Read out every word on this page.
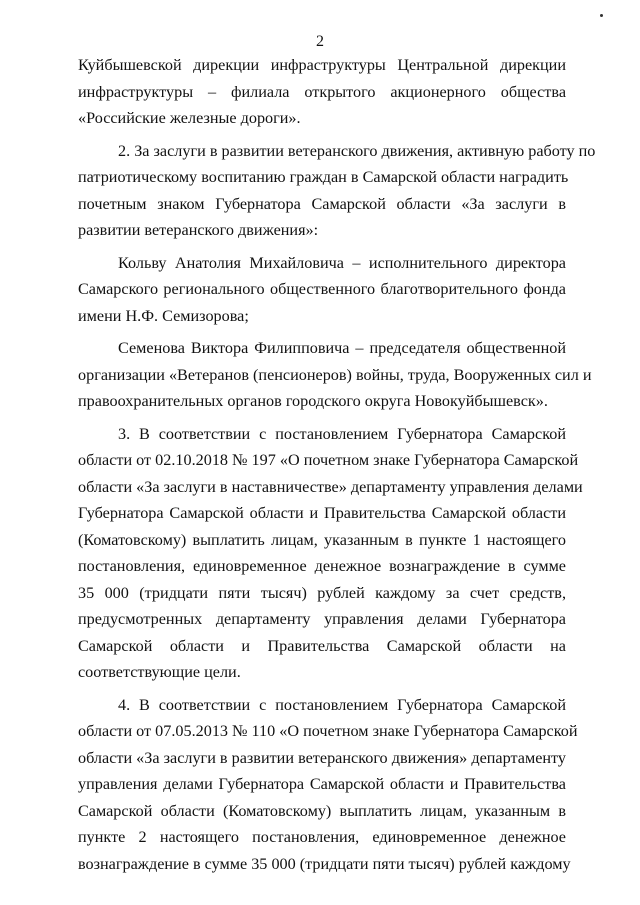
2
Куйбышевской дирекции инфраструктуры Центральной дирекции
инфраструктуры – филиала открытого акционерного общества
«Российские железные дороги».
2. За заслуги в развитии ветеранского движения, активную работу по
патриотическому воспитанию граждан в Самарской области наградить
почетным знаком Губернатора Самарской области «За заслуги в
развитии ветеранского движения»:
Кольву Анатолия Михайловича – исполнительного директора
Самарского регионального общественного благотворительного фонда
имени Н.Ф. Семизорова;
Семенова Виктора Филипповича – председателя общественной
организации «Ветеранов (пенсионеров) войны, труда, Вооруженных сил и
правоохранительных органов городского округа Новокуйбышевск».
3. В соответствии с постановлением Губернатора Самарской
области от 02.10.2018 № 197 «О почетном знаке Губернатора Самарской
области «За заслуги в наставничестве» департаменту управления делами
Губернатора Самарской области и Правительства Самарской области
(Коматовскому) выплатить лицам, указанным в пункте 1 настоящего
постановления, единовременное денежное вознаграждение в сумме
35 000 (тридцати пяти тысяч) рублей каждому за счет средств,
предусмотренных департаменту управления делами Губернатора
Самарской области и Правительства Самарской области на
соответствующие цели.
4. В соответствии с постановлением Губернатора Самарской
области от 07.05.2013 № 110 «О почетном знаке Губернатора Самарской
области «За заслуги в развитии ветеранского движения» департаменту
управления делами Губернатора Самарской области и Правительства
Самарской области (Коматовскому) выплатить лицам, указанным в
пункте 2 настоящего постановления, единовременное денежное
вознаграждение в сумме 35 000 (тридцати пяти тысяч) рублей каждому
